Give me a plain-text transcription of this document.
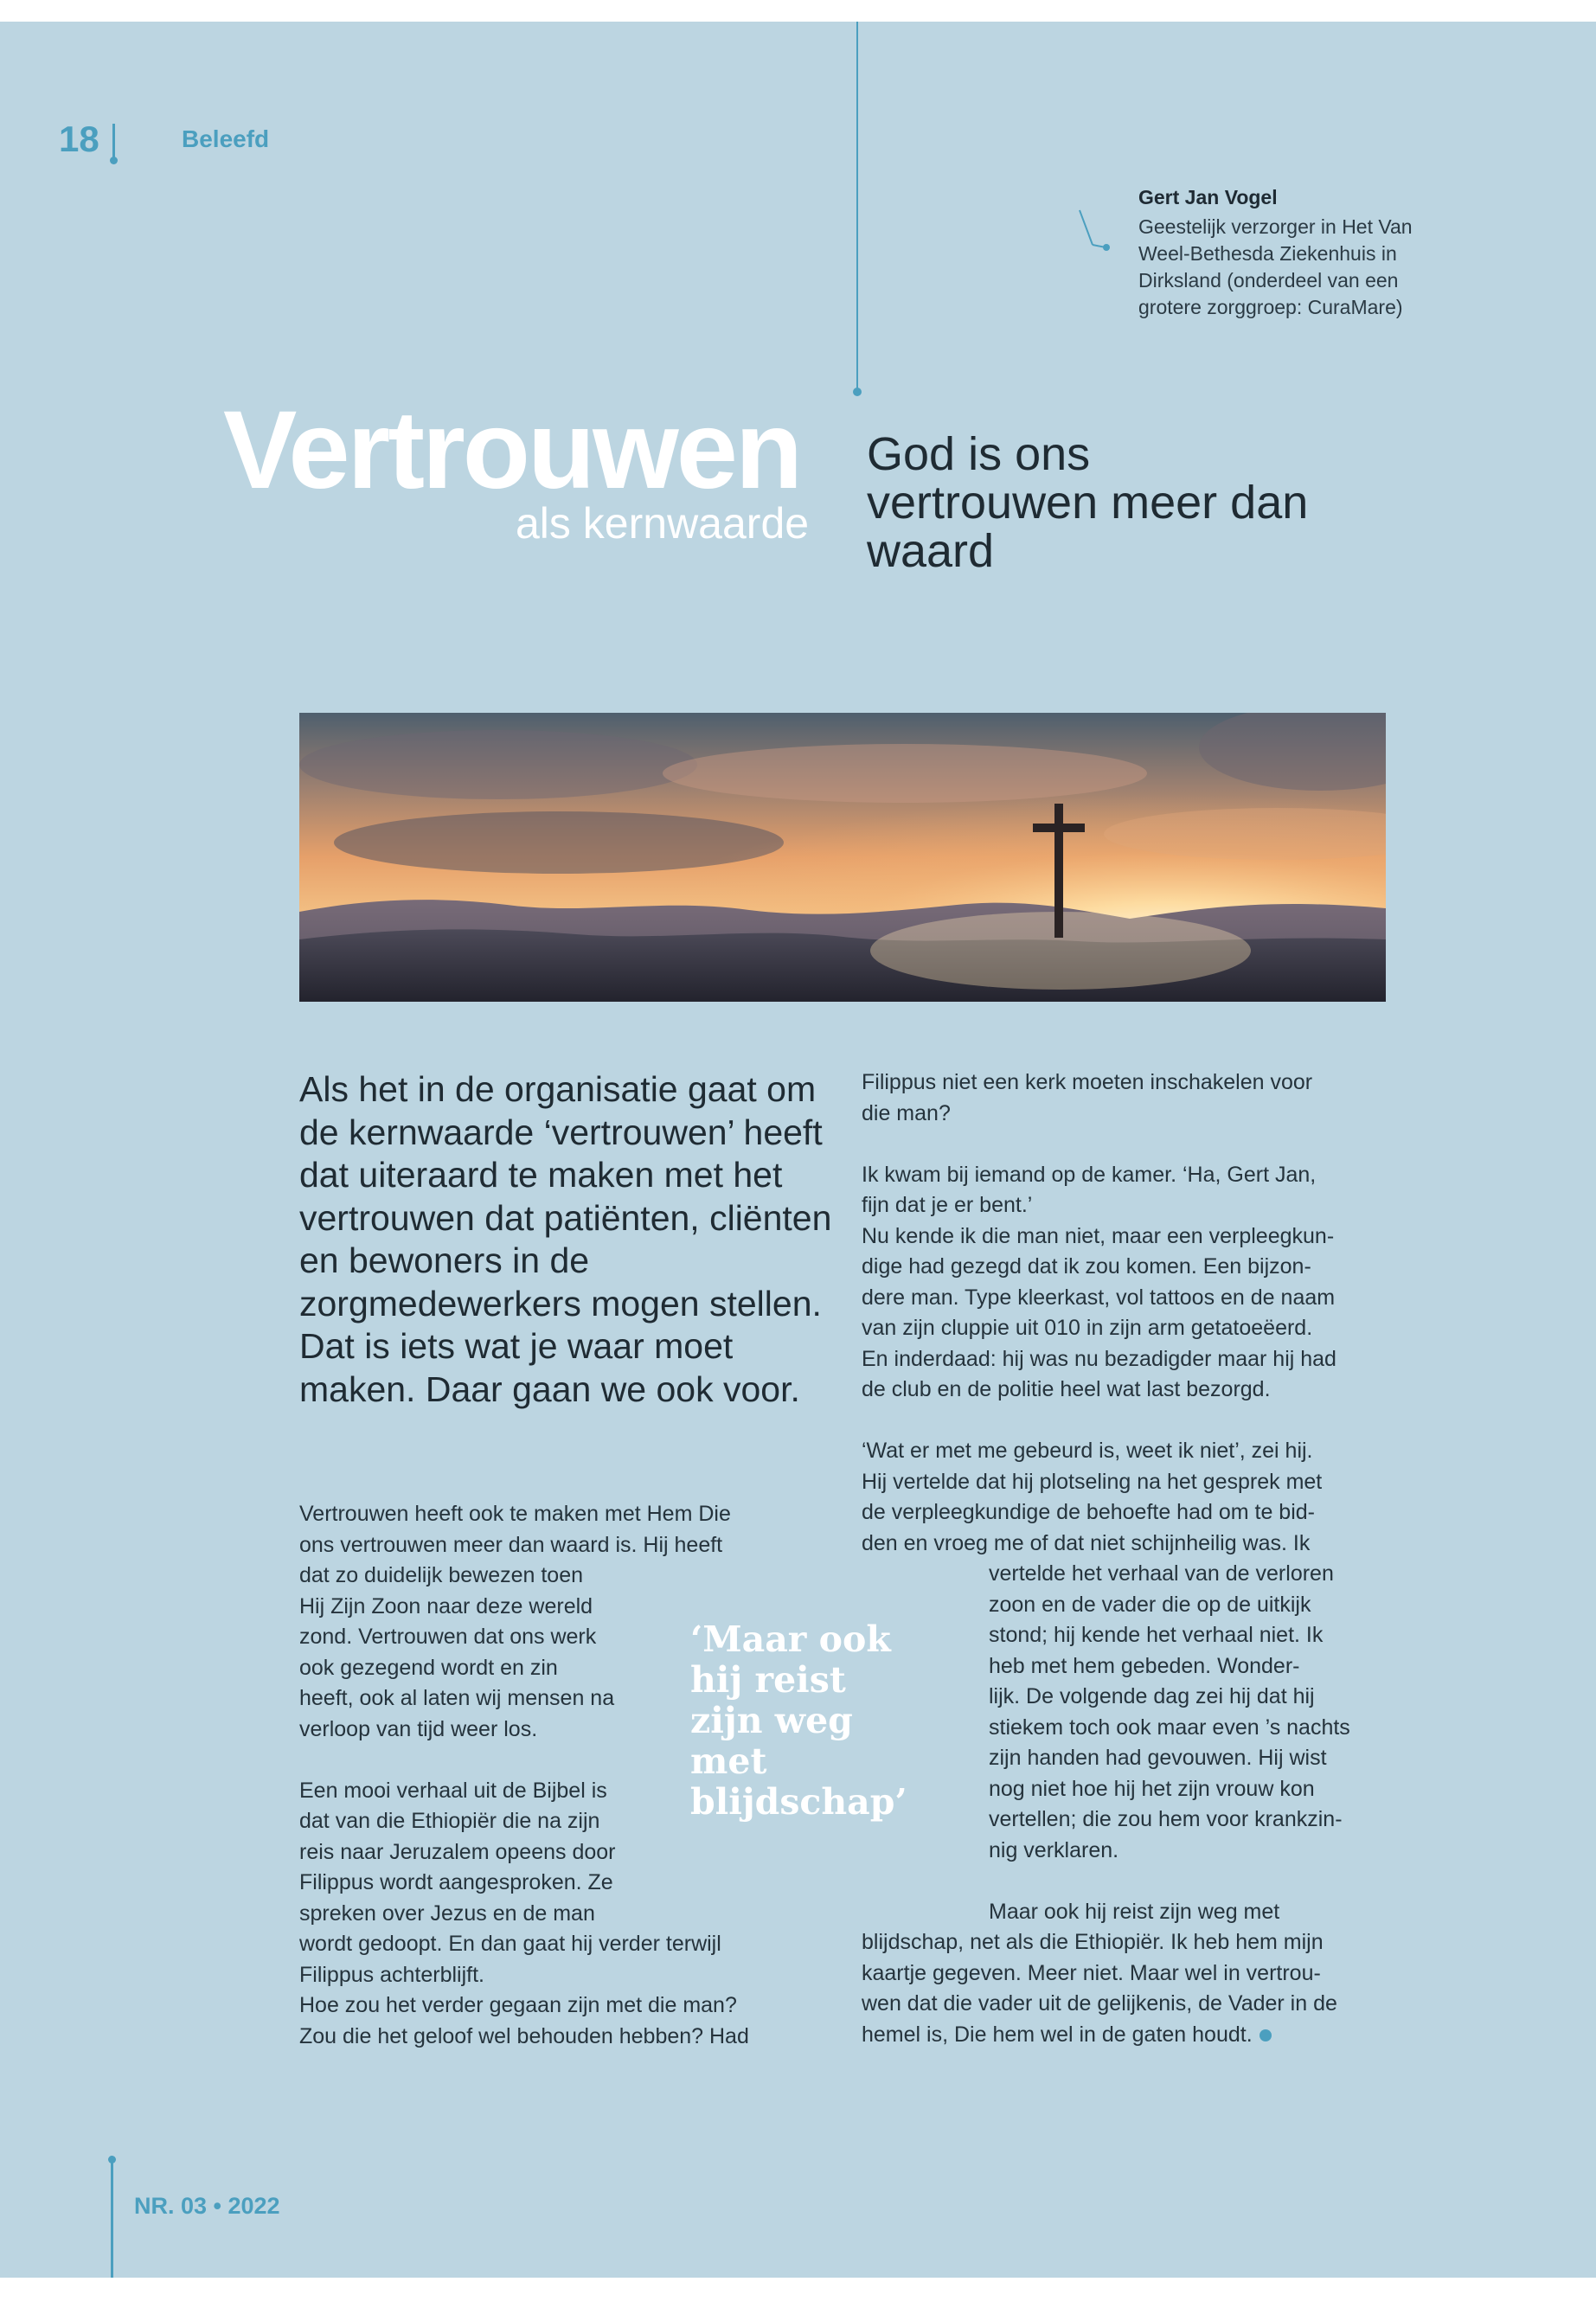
18	Beleefd
Gert Jan Vogel
Geestelijk verzorger in Het Van Weel-Bethesda Ziekenhuis in Dirksland (onderdeel van een grotere zorggroep: CuraMare)
Vertrouwen
als kernwaarde
God is ons vertrouwen meer dan waard
Als het in de organisatie gaat om de kernwaarde ‘vertrouwen’ heeft dat uiteraard te maken met het vertrouwen dat patiënten, cliënten en bewoners in de zorgmedewerkers mogen stellen. Dat is iets wat je waar moet maken. Daar gaan we ook voor.
Vertrouwen heeft ook te maken met Hem Die
ons vertrouwen meer dan waard is. Hij heeft
dat zo duidelijk bewezen toen
Hij Zijn Zoon naar deze wereld
zond. Vertrouwen dat ons werk
ook gezegend wordt en zin
heeft, ook al laten wij mensen na
verloop van tijd weer los.
Een mooi verhaal uit de Bijbel is
dat van die Ethiopiër die na zijn
reis naar Jeruzalem opeens door
Filippus wordt aangesproken. Ze
spreken over Jezus en de man
wordt gedoopt. En dan gaat hij verder terwijl
Filippus achterblijft.
Hoe zou het verder gegaan zijn met die man?
Zou die het geloof wel behouden hebben? Had
‘Maar ook hij reist zijn weg met blijdschap’
Filippus niet een kerk moeten inschakelen voor
die man?
Ik kwam bij iemand op de kamer. ‘Ha, Gert Jan,
fijn dat je er bent.’
Nu kende ik die man niet, maar een verpleegkun-
dige had gezegd dat ik zou komen. Een bijzon-
dere man. Type kleerkast, vol tattoos en de naam
van zijn cluppie uit 010 in zijn arm getatoeëerd.
En inderdaad: hij was nu bezadigder maar hij had
de club en de politie heel wat last bezorgd.
‘Wat er met me gebeurd is, weet ik niet’, zei hij.
Hij vertelde dat hij plotseling na het gesprek met
de verpleegkundige de behoefte had om te bid-
den en vroeg me of dat niet schijnheilig was. Ik
vertelde het verhaal van de verloren
zoon en de vader die op de uitkijk
stond; hij kende het verhaal niet. Ik
heb met hem gebeden. Wonder-
lijk. De volgende dag zei hij dat hij
stiekem toch ook maar even ’s nachts
zijn handen had gevouwen. Hij wist
nog niet hoe hij het zijn vrouw kon
vertellen; die zou hem voor krankzin-
nig verklaren.
Maar ook hij reist zijn weg met
blijdschap, net als die Ethiopiër. Ik heb hem mijn
kaartje gegeven. Meer niet. Maar wel in vertrou-
wen dat die vader uit de gelijkenis, de Vader in de
hemel is, Die hem wel in de gaten houdt.
NR. 03 • 2022
